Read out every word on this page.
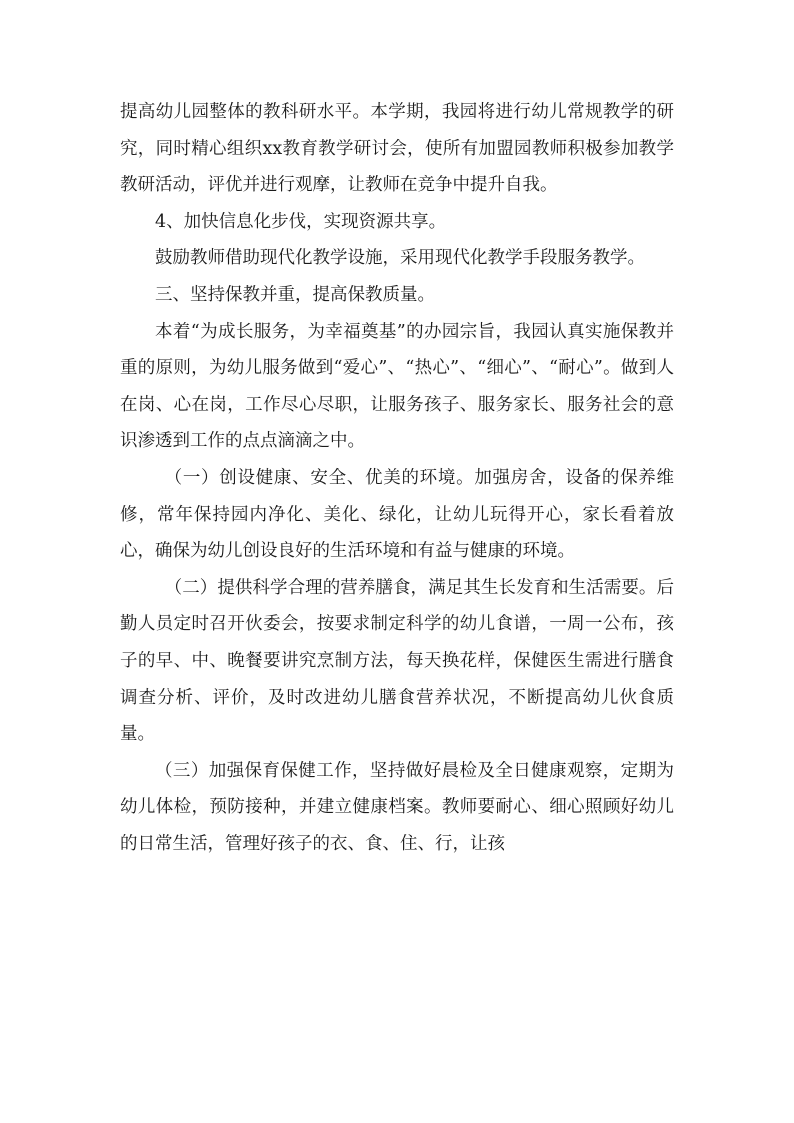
提高幼儿园整体的教科研水平。本学期，我园将进行幼儿常规教学的研究，同时精心组织xx教育教学研讨会，使所有加盟园教师积极参加教学教研活动，评优并进行观摩，让教师在竞争中提升自我。

4、加快信息化步伐，实现资源共享。

鼓励教师借助现代化教学设施，采用现代化教学手段服务教学。

三、坚持保教并重，提高保教质量。

本着“为成长服务，为幸福奠基”的办园宗旨，我园认真实施保教并重的原则，为幼儿服务做到“爱心”、“热心”、“细心”、“耐心”。做到人在岗、心在岗，工作尽心尽职，让服务孩子、服务家长、服务社会的意识渗透到工作的点点滴滴之中。

（一）创设健康、安全、优美的环境。加强房舍，设备的保养维修，常年保持园内净化、美化、绿化，让幼儿玩得开心，家长看着放心，确保为幼儿创设良好的生活环境和有益与健康的环境。

（二）提供科学合理的营养膳食，满足其生长发育和生活需要。后勤人员定时召开伙委会，按要求制定科学的幼儿食谱，一周一公布，孩子的早、中、晚餐要讲究烹制方法，每天换花样，保健医生需进行膳食调查分析、评价，及时改进幼儿膳食营养状况，不断提高幼儿伙食质量。

（三）加强保育保健工作，坚持做好晨检及全日健康观察，定期为幼儿体检，预防接种，并建立健康档案。教师要耐心、细心照顾好幼儿的日常生活，管理好孩子的衣、食、住、行，让孩
